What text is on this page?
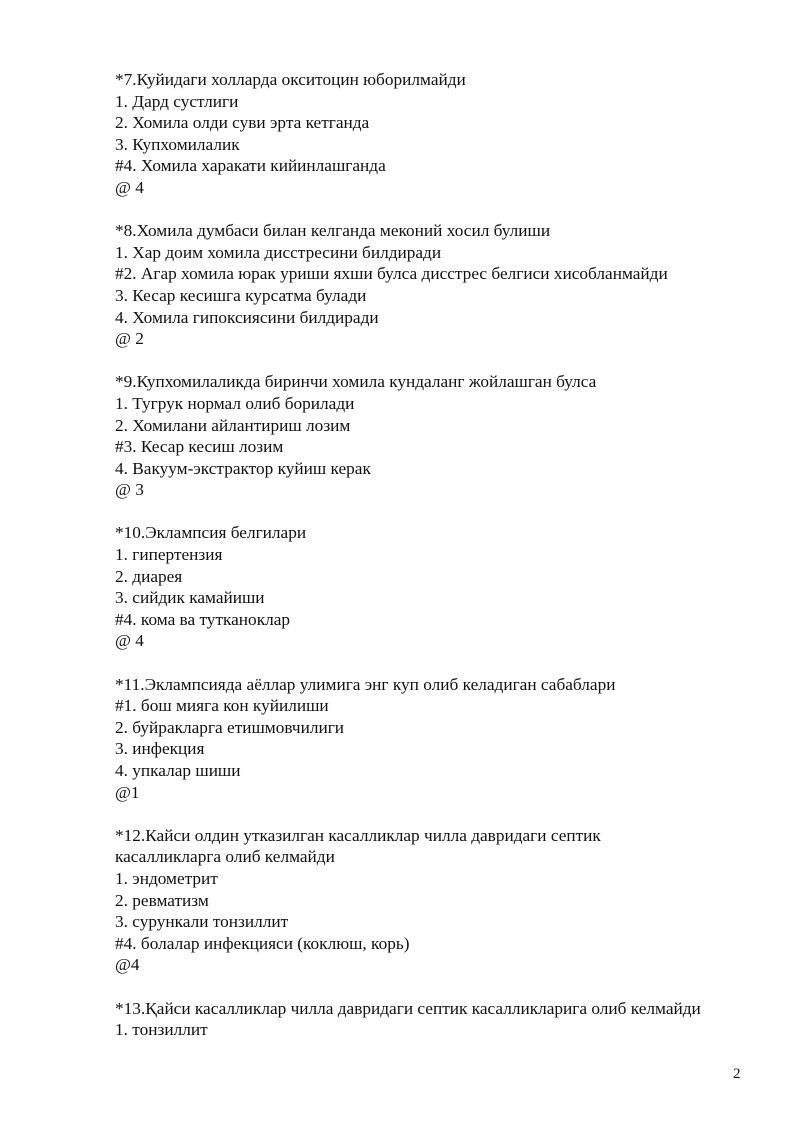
*7.Куйидаги холларда окситоцин юборилмайди
1. Дард сустлиги
2. Хомила олди суви эрта кетганда
3. Купхомилалик
#4. Хомила харакати кийинлашганда
@ 4
*8.Хомила думбаси билан келганда меконий хосил булиши
1. Хар доим хомила дисстресини билдиради
#2. Агар хомила юрак уриши яхши булса дисстрес белгиси хисобланмайди
3. Кесар кесишга курсатма булади
4. Хомила гипоксиясини билдиради
@ 2
*9.Купхомилаликда биринчи хомила кундаланг жойлашган булса
1. Тугрук нормал олиб борилади
2. Хомилани айлантириш лозим
#3. Кесар кесиш лозим
4. Вакуум-экстрактор куйиш керак
@ 3
*10.Эклампсия белгилари
1. гипертензия
2. диарея
3. сийдик камайиши
#4. кома ва тутканоклар
@ 4
*11.Эклампсияда аёллар улимига энг куп олиб келадиган сабаблари
#1. бош мияга кон куйилиши
2. буйракларга етишмовчилиги
3. инфекция
4. упкалар шиши
@1
*12.Кайси олдин утказилган касалликлар чилла давридаги септик касалликларга олиб келмайди
1. эндометрит
2. ревматизм
3. сурункали тонзиллит
#4. болалар инфекцияси (коклюш, корь)
@4
*13.Қайси касалликлар чилла давридаги септик касалликларига олиб келмайди
1. тонзиллит
2
